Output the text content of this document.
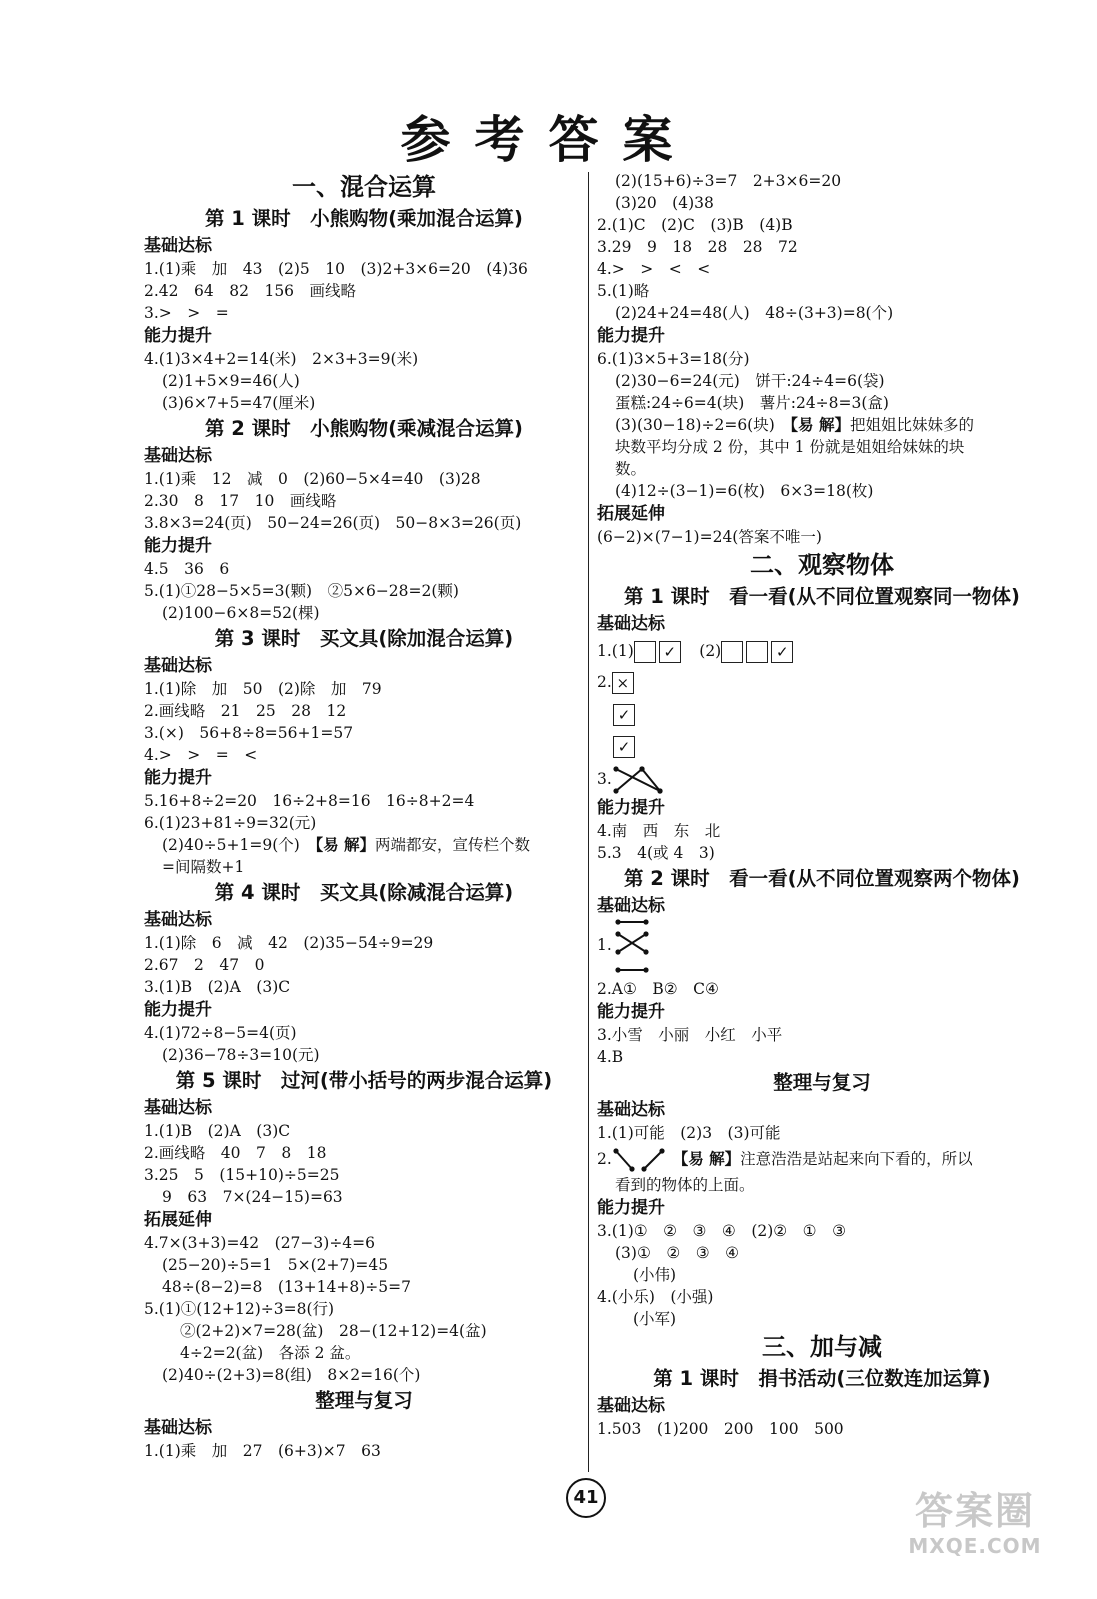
参考答案
一、混合运算
第 1 课时　小熊购物(乘加混合运算)
基础达标
1.(1)乘　加　43　(2)5　10　(3)2+3×6=20　(4)36
2.42　64　82　156　画线略
3.>　>　=
能力提升
4.(1)3×4+2=14(米)　2×3+3=9(米)
(2)1+5×9=46(人)
(3)6×7+5=47(厘米)
第 2 课时　小熊购物(乘减混合运算)
基础达标
1.(1)乘　12　减　0　(2)60−5×4=40　(3)28
2.30　8　17　10　画线略
3.8×3=24(页)　50−24=26(页)　50−8×3=26(页)
能力提升
4.5　36　6
5.(1)①28−5×5=3(颗)　②5×6−28=2(颗)
(2)100−6×8=52(棵)
第 3 课时　买文具(除加混合运算)
基础达标
1.(1)除　加　50　(2)除　加　79
2.画线略　21　25　28　12
3.(×)　56+8÷8=56+1=57
4.>　>　=　<
能力提升
5.16+8÷2=20　16÷2+8=16　16÷8+2=4
6.(1)23+81÷9=32(元)
(2)40÷5+1=9(个)　 【易 解】两端都安，宣传栏个数
=间隔数+1
第 4 课时　买文具(除减混合运算)
基础达标
1.(1)除　6　减　42　(2)35−54÷9=29
2.67　2　47　0
3.(1)B　(2)A　(3)C
能力提升
4.(1)72÷8−5=4(页)
(2)36−78÷3=10(元)
第 5 课时　过河(带小括号的两步混合运算)
基础达标
1.(1)B　(2)A　(3)C
2.画线略　40　7　8　18
3.25　5　(15+10)÷5=25
9　63　7×(24−15)=63
拓展延伸
4.7×(3+3)=42　(27−3)÷4=6
(25−20)÷5=1　5×(2+7)=45
48÷(8−2)=8　(13+14+8)÷5=7
5.(1)①(12+12)÷3=8(行)
②(2+2)×7=28(盆)　28−(12+12)=4(盆)
4÷2=2(盆)　各添 2 盆。
(2)40÷(2+3)=8(组)　8×2=16(个)
整理与复习
基础达标
1.(1)乘　加　27　(6+3)×7　63
(2)(15+6)÷3=7　2+3×6=20
(3)20　(4)38
2.(1)C　(2)C　(3)B　(4)B
3.29　9　18　28　28　72
4.>　>　<　<
5.(1)略
(2)24+24=48(人)　48÷(3+3)=8(个)
能力提升
6.(1)3×5+3=18(分)
(2)30−6=24(元)　饼干:24÷4=6(袋)
蛋糕:24÷6=4(块)　薯片:24÷8=3(盒)
(3)(30−18)÷2=6(块)　 【易 解】把姐姐比妹妹多的
块数平均分成 2 份，其中 1 份就是姐姐给妹妹的块
数。
(4)12÷(3−1)=6(枚)　6×3=18(枚)
拓展延伸
(6−2)×(7−1)=24(答案不唯一)
二、观察物体
第 1 课时　看一看(从不同位置观察同一物体)
基础达标
1.(1) ✓　 (2)	✓
2. ×
✓
✓
3.
能力提升
4.南　西　东　北
5.3　4(或 4　3)
第 2 课时　看一看(从不同位置观察两个物体)
基础达标
1.
2.A①　B②　C④
能力提升
3.小雪　小丽　小红　小平
4.B
整理与复习
基础达标
1.(1)可能　(2)3　(3)可能
2.	【易 解】注意浩浩是站起来向下看的，所以
看到的物体的上面。
能力提升
3.(1)①　②　③　④　(2)②　①　③
(3)①　②　③　④
(小伟)
4.(小乐)　(小强)
(小军)
三、加与减
第 1 课时　捐书活动(三位数连加运算)
基础达标
1.503　(1)200　200　100　500
41	答案圈
MXQE.COM
